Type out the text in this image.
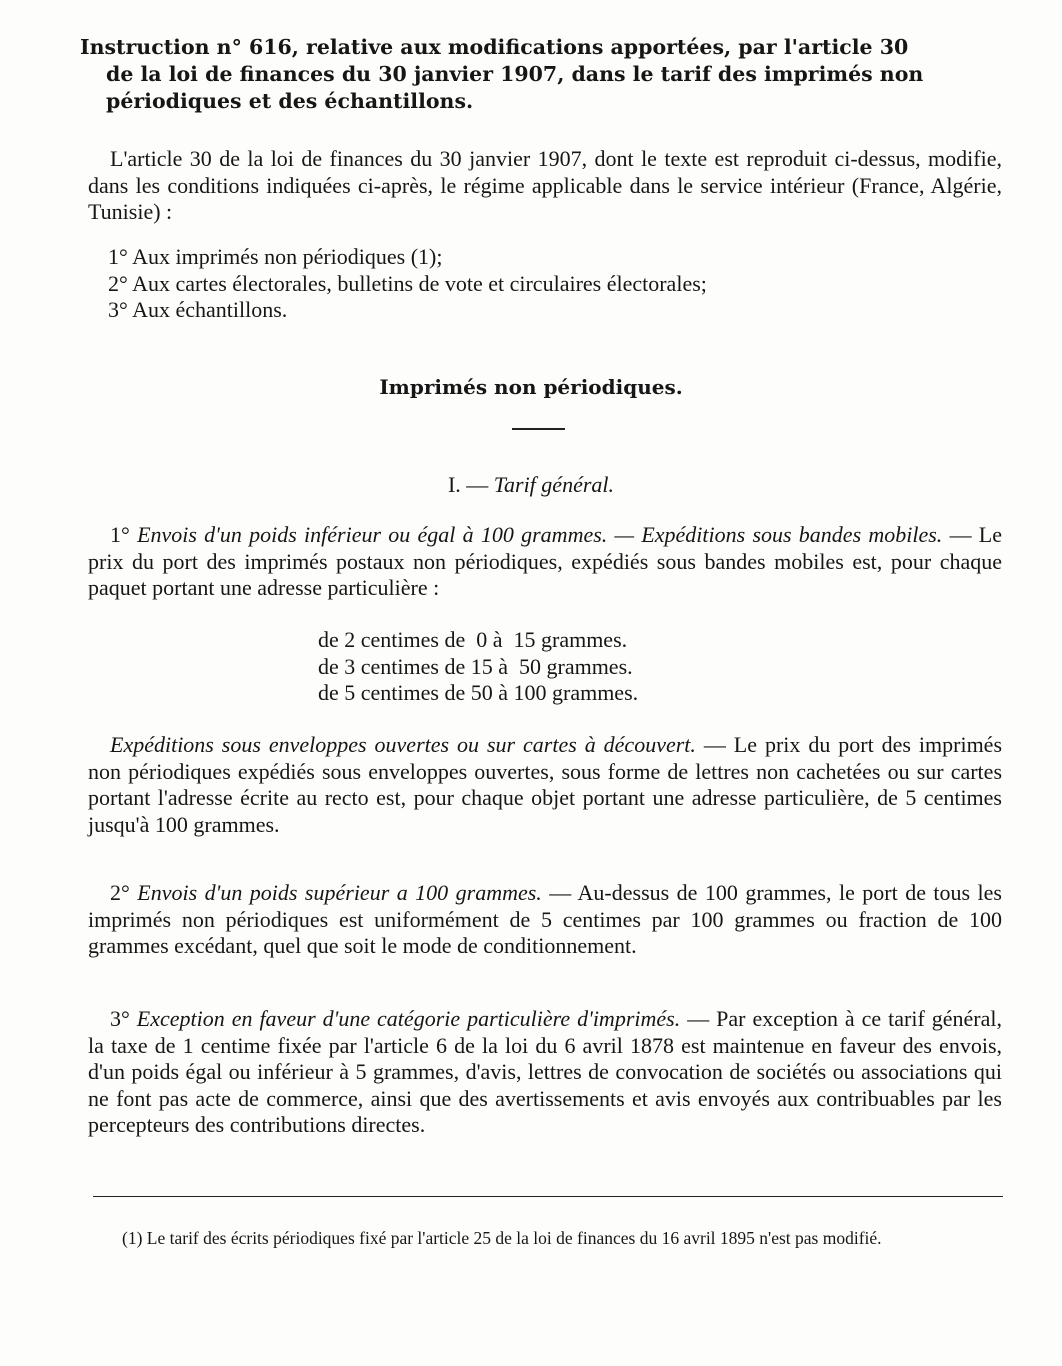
Instruction n° 616, relative aux modifications apportées, par l'article 30
de la loi de finances du 30 janvier 1907, dans le tarif des imprimés non
périodiques et des échantillons.

L'article 30 de la loi de finances du 30 janvier 1907, dont le texte est reproduit ci-dessus, modifie, dans les conditions indiquées ci-après, le régime applicable dans le service intérieur (France, Algérie, Tunisie) :

1° Aux imprimés non périodiques (1);
2° Aux cartes électorales, bulletins de vote et circulaires électorales;
3° Aux échantillons.
Imprimés non périodiques.

I. — Tarif général.

1° Envois d'un poids inférieur ou égal à 100 grammes. — Expéditions sous bandes mobiles. — Le prix du port des imprimés postaux non périodiques, expédiés sous bandes mobiles est, pour chaque paquet portant une adresse particulière :

de 2 centimes de  0 à  15 grammes.
de 3 centimes de 15 à  50 grammes.
de 5 centimes de 50 à 100 grammes.

Expéditions sous enveloppes ouvertes ou sur cartes à découvert. — Le prix du port des imprimés non périodiques expédiés sous enveloppes ouvertes, sous forme de lettres non cachetées ou sur cartes portant l'adresse écrite au recto est, pour chaque objet portant une adresse particulière, de 5 centimes jusqu'à 100 grammes.

2° Envois d'un poids supérieur a 100 grammes. — Au-dessus de 100 grammes, le port de tous les imprimés non périodiques est uniformément de 5 centimes par 100 grammes ou fraction de 100 grammes excédant, quel que soit le mode de conditionnement.

3° Exception en faveur d'une catégorie particulière d'imprimés. — Par exception à ce tarif général, la taxe de 1 centime fixée par l'article 6 de la loi du 6 avril 1878 est maintenue en faveur des envois, d'un poids égal ou inférieur à 5 grammes, d'avis, lettres de convocation de sociétés ou associations qui ne font pas acte de commerce, ainsi que des avertissements et avis envoyés aux contribuables par les percepteurs des contributions directes.

(1) Le tarif des écrits périodiques fixé par l'article 25 de la loi de finances du 16 avril 1895 n'est pas modifié.
